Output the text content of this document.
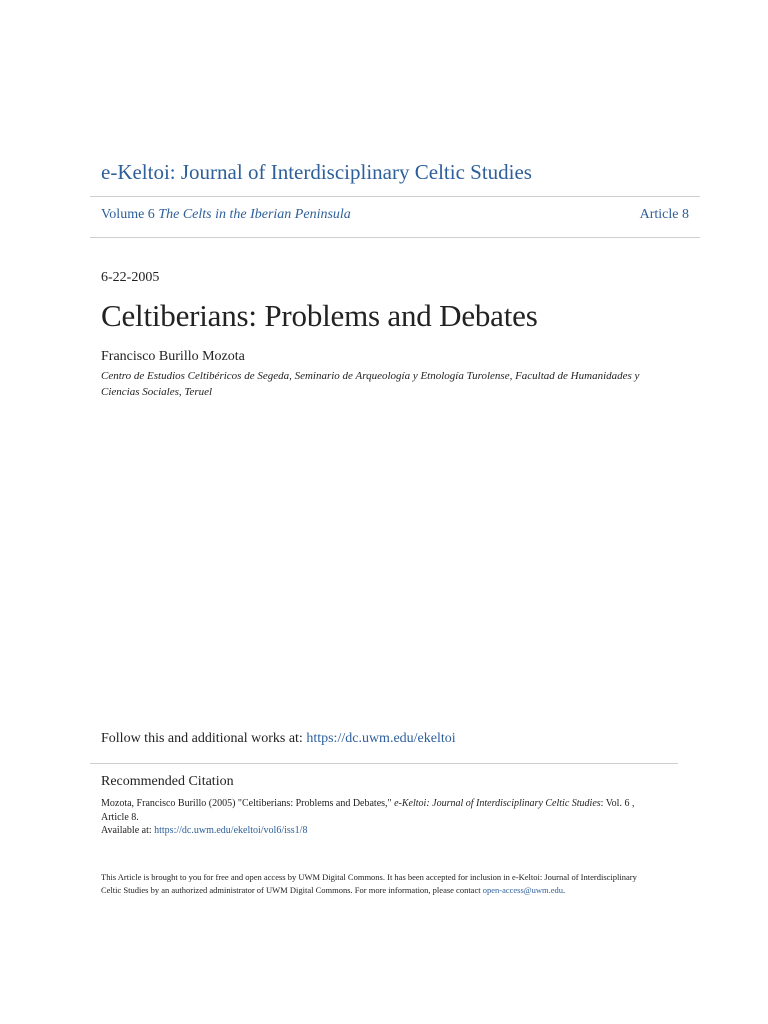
e-Keltoi: Journal of Interdisciplinary Celtic Studies
Volume 6 The Celts in the Iberian Peninsula	Article 8
6-22-2005
Celtiberians: Problems and Debates
Francisco Burillo Mozota
Centro de Estudios Celtibéricos de Segeda, Seminario de Arqueología y Etnología Turolense, Facultad de Humanidades y Ciencias Sociales, Teruel
Follow this and additional works at: https://dc.uwm.edu/ekeltoi
Recommended Citation
Mozota, Francisco Burillo (2005) "Celtiberians: Problems and Debates," e-Keltoi: Journal of Interdisciplinary Celtic Studies: Vol. 6 , Article 8.
Available at: https://dc.uwm.edu/ekeltoi/vol6/iss1/8
This Article is brought to you for free and open access by UWM Digital Commons. It has been accepted for inclusion in e-Keltoi: Journal of Interdisciplinary Celtic Studies by an authorized administrator of UWM Digital Commons. For more information, please contact open-access@uwm.edu.
